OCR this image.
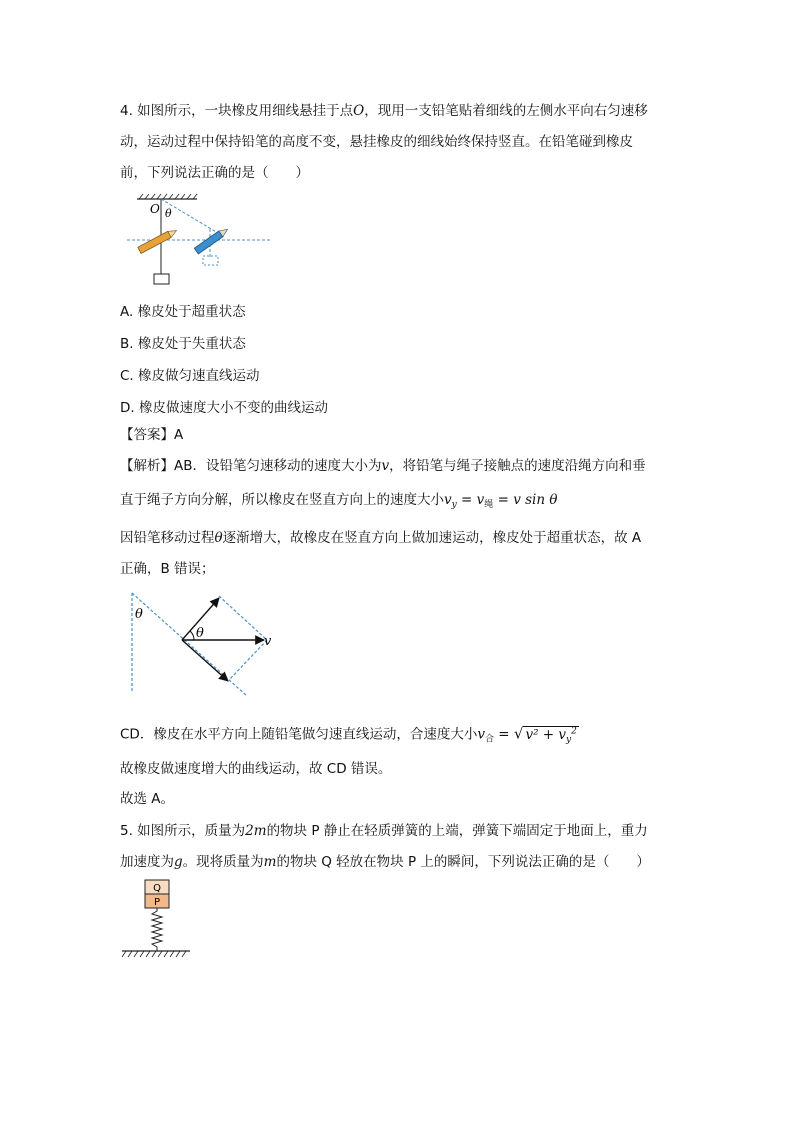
4. 如图所示，一块橡皮用细线悬挂于点O，现用一支铅笔贴着细线的左侧水平向右匀速移
动，运动过程中保持铅笔的高度不变，悬挂橡皮的细线始终保持竖直。在铅笔碰到橡皮
前，下列说法正确的是（　　）
O θ
A. 橡皮处于超重状态
B. 橡皮处于失重状态
C. 橡皮做匀速直线运动
D. 橡皮做速度大小不变的曲线运动
【答案】A
【解析】AB．设铅笔匀速移动的速度大小为v，将铅笔与绳子接触点的速度沿绳方向和垂
直于绳子方向分解，所以橡皮在竖直方向上的速度大小$v_y = v_绳 = v$ sin θ
因铅笔移动过程θ逐渐增大，故橡皮在竖直方向上做加速运动，橡皮处于超重状态，故 A
正确，B 错误；
θ
θ
v
CD．橡皮在水平方向上随铅笔做匀速直线运动，合速度大小$v_合$ = √ $v^2 + v_y^2$
故橡皮做速度增大的曲线运动，故 CD 错误。
故选 A。
5. 如图所示，质量为2m的物块 P 静止在轻质弹簧的上端，弹簧下端固定于地面上，重力
加速度为g。现将质量为m的物块 Q 轻放在物块 P 上的瞬间，下列说法正确的是（　　）
Q
P
